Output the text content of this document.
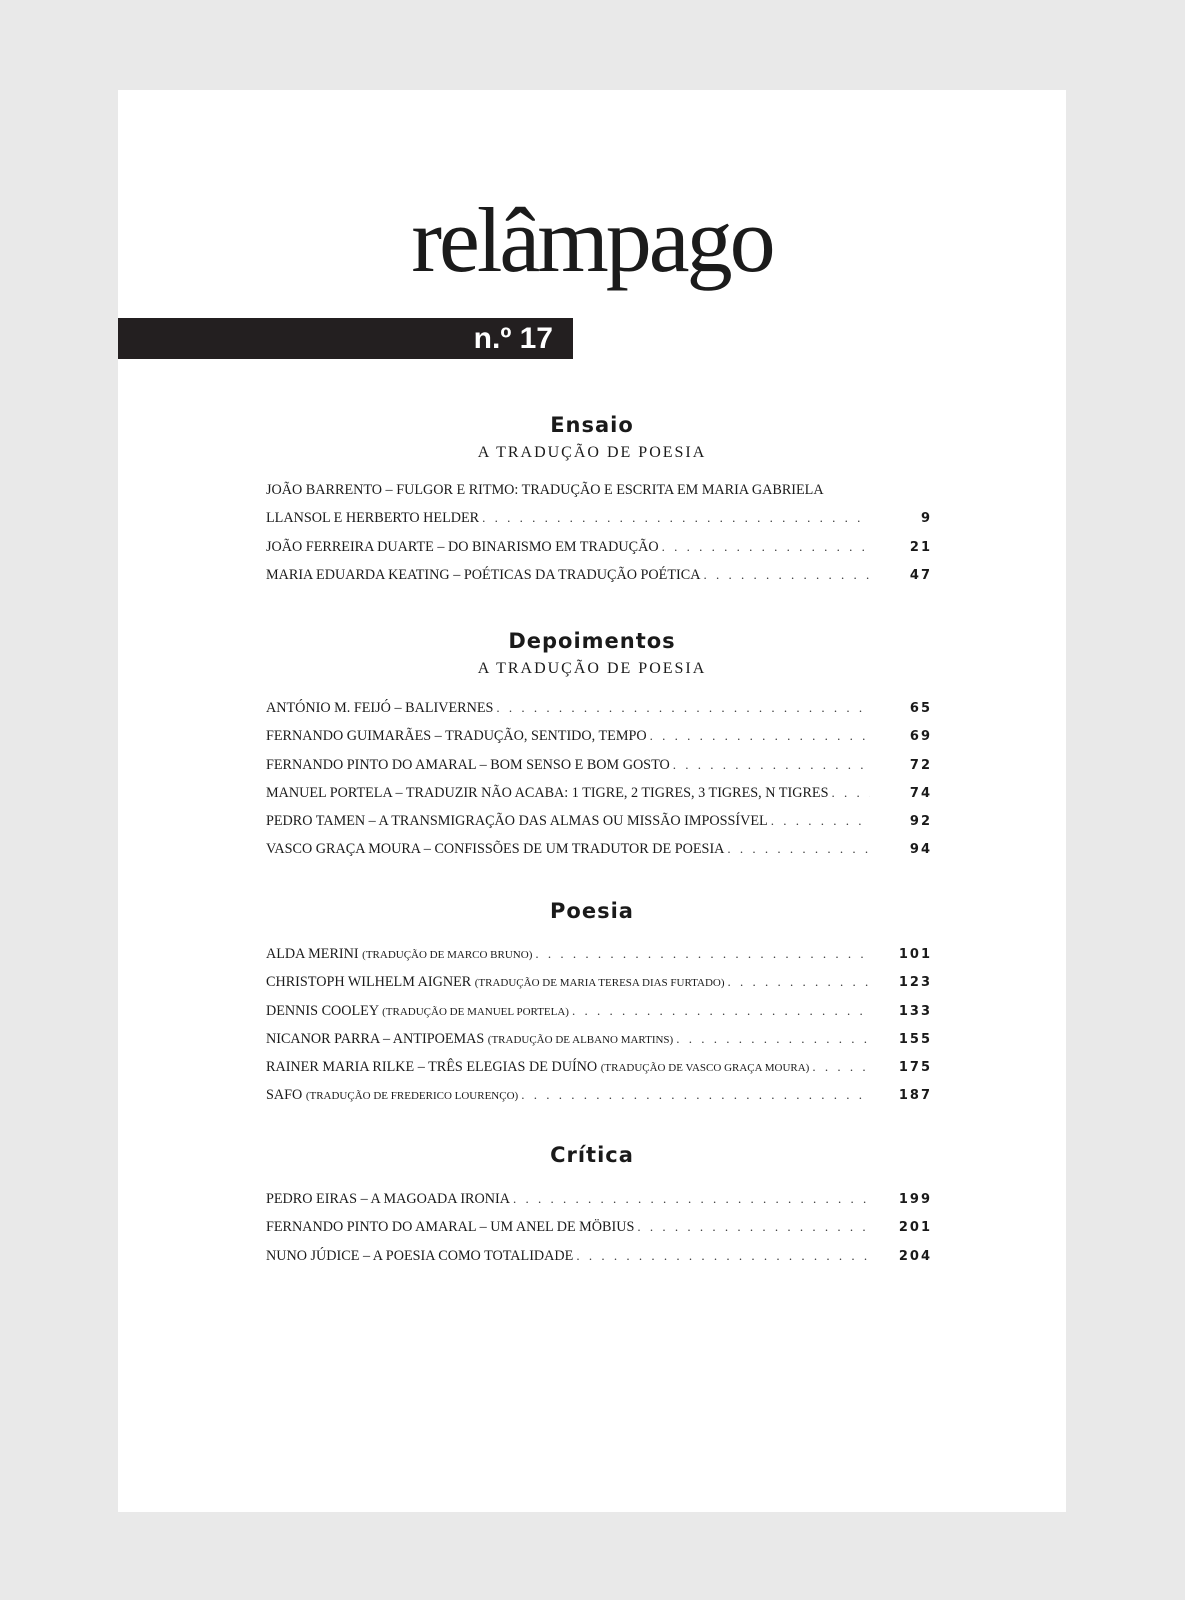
relâmpago
n.º 17
Ensaio
A TRADUÇÃO DE POESIA
JOÃO BARRENTO – FULGOR E RITMO: TRADUÇÃO E ESCRITA EM MARIA GABRIELA
LLANSOL E HERBERTO HELDER . . .	9
JOÃO FERREIRA DUARTE – DO BINARISMO EM TRADUÇÃO . . .	21
MARIA EDUARDA KEATING – POÉTICAS DA TRADUÇÃO POÉTICA . . .	47
Depoimentos
A TRADUÇÃO DE POESIA
ANTÓNIO M. FEIJÓ – BALIVERNES . . .	65
FERNANDO GUIMARÃES – TRADUÇÃO, SENTIDO, TEMPO . . .	69
FERNANDO PINTO DO AMARAL – BOM SENSO E BOM GOSTO . . .	72
MANUEL PORTELA – TRADUZIR NÃO ACABA: 1 TIGRE, 2 TIGRES, 3 TIGRES, N TIGRES . . .	74
PEDRO TAMEN – A TRANSMIGRAÇÃO DAS ALMAS OU MISSÃO IMPOSSÍVEL . . .	92
VASCO GRAÇA MOURA – CONFISSÕES DE UM TRADUTOR DE POESIA . . .	94
Poesia
ALDA MERINI (TRADUÇÃO DE MARCO BRUNO) . . .	101
CHRISTOPH WILHELM AIGNER (TRADUÇÃO DE MARIA TERESA DIAS FURTADO) . . .	123
DENNIS COOLEY (TRADUÇÃO DE MANUEL PORTELA) . . .	133
NICANOR PARRA – ANTIPOEMAS (TRADUÇÃO DE ALBANO MARTINS) . . .	155
RAINER MARIA RILKE – TRÊS ELEGIAS DE DUÍNO (TRADUÇÃO DE VASCO GRAÇA MOURA) . . .	175
SAFO (TRADUÇÃO DE FREDERICO LOURENÇO) . . .	187
Crítica
PEDRO EIRAS – A MAGOADA IRONIA . . .	199
FERNANDO PINTO DO AMARAL – UM ANEL DE MÖBIUS . . .	201
NUNO JÚDICE – A POESIA COMO TOTALIDADE . . .	204
